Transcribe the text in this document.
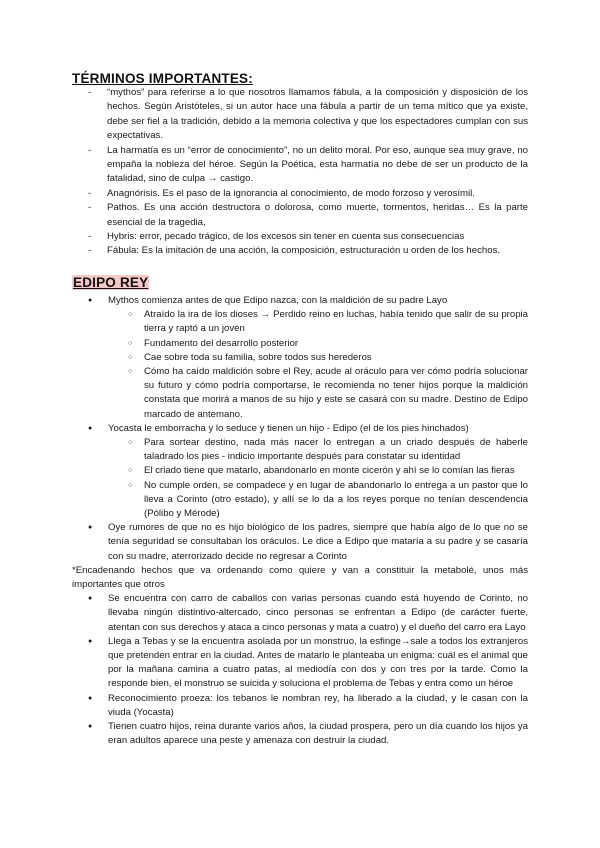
TÉRMINOS IMPORTANTES:
- “mythos” para referirse a lo que nosotros llamamos fábula, a la composición y disposición de los hechos. Según Aristóteles, si un autor hace una fábula a partir de un tema mítico que ya existe, debe ser fiel a la tradición, debido a la memoria colectiva y que los espectadores cumplan con sus expectativas.
- La harmatía es un “error de conocimiento”, no un delito moral. Por eso, aunque sea muy grave, no empaña la nobleza del héroe. Según la Poética, esta harmatía no debe de ser un producto de la fatalidad, sino de culpa → castigo.
- Anagnórisis. Es el paso de la ignorancia al conocimiento, de modo forzoso y verosímil.
- Pathos. Es una acción destructora o dolorosa, como muerte, tormentos, heridas… Es la parte esencial de la tragedia,
- Hybris: error, pecado trágico, de los excesos sin tener en cuenta sus consecuencias
- Fábula: Es la imitación de una acción, la composición, estructuración u orden de los hechos.
EDIPO REY
● Mythos comienza antes de que Edipo nazca, con la maldición de su padre Layo
○ Atraído la ira de los dioses → Perdido reino en luchas, había tenido que salir de su propia tierra y raptó a un joven
○ Fundamento del desarrollo posterior
○ Cae sobre toda su familia, sobre todos sus herederos
○ Cómo ha caído maldición sobre el Rey, acude al oráculo para ver cómo podría solucionar su futuro y cómo podría comportarse, le recomienda no tener hijos porque la maldición constata que morirá a manos de su hijo y este se casará con su madre. Destino de Edipo marcado de antemano.
● Yocasta le emborracha y lo seduce y tienen un hijo - Edipo (el de los pies hinchados)
○ Para sortear destino, nada más nacer lo entregan a un criado después de haberle taladrado los pies - indicio importante después para constatar su identidad
○ El criado tiene que matarlo, abandonarlo en monte cicerón y ahí se lo comían las fieras
○ No cumple orden, se compadece y en lugar de abandonarlo lo entrega a un pastor que lo lleva a Corinto (otro estado), y allí se lo da a los reyes porque no tenían descendencia (Pólibo y Mérode)
● Oye rumores de que no es hijo biológico de los padres, siempre que había algo de lo que no se tenía seguridad se consultaban los oráculos. Le dice a Edipo que mataría a su padre y se casaría con su madre, aterrorizado decide no regresar a Corinto

*Encadenando hechos que va ordenando como quiere y van a constituir la metabolé, unos más importantes que otros

● Se encuentra con carro de caballos con varias personas cuando está huyendo de Corinto, no llevaba ningún distintivo-altercado, cinco personas se enfrentan a Edipo (de carácter fuerte, atentan con sus derechos y ataca a cinco personas y mata a cuatro) y el dueño del carro era Layo
● Llega a Tebas y se la encuentra asolada por un monstruo, la esfinge→sale a todos los extranjeros que pretenden entrar en la ciudad. Antes de matarlo le planteaba un enigma: cuál es el animal que por la mañana camina a cuatro patas, al mediodía con dos y con tres por la tarde. Como la responde bien, el monstruo se suicida y soluciona el problema de Tebas y entra como un héroe
● Reconocimiento proeza: los tebanos le nombran rey, ha liberado a la ciudad, y le casan con la viuda (Yocasta)
● Tienen cuatro hijos, reina durante varios años, la ciudad prospera, pero un día cuando los hijos ya eran adultos aparece una peste y amenaza con destruir la ciudad.
